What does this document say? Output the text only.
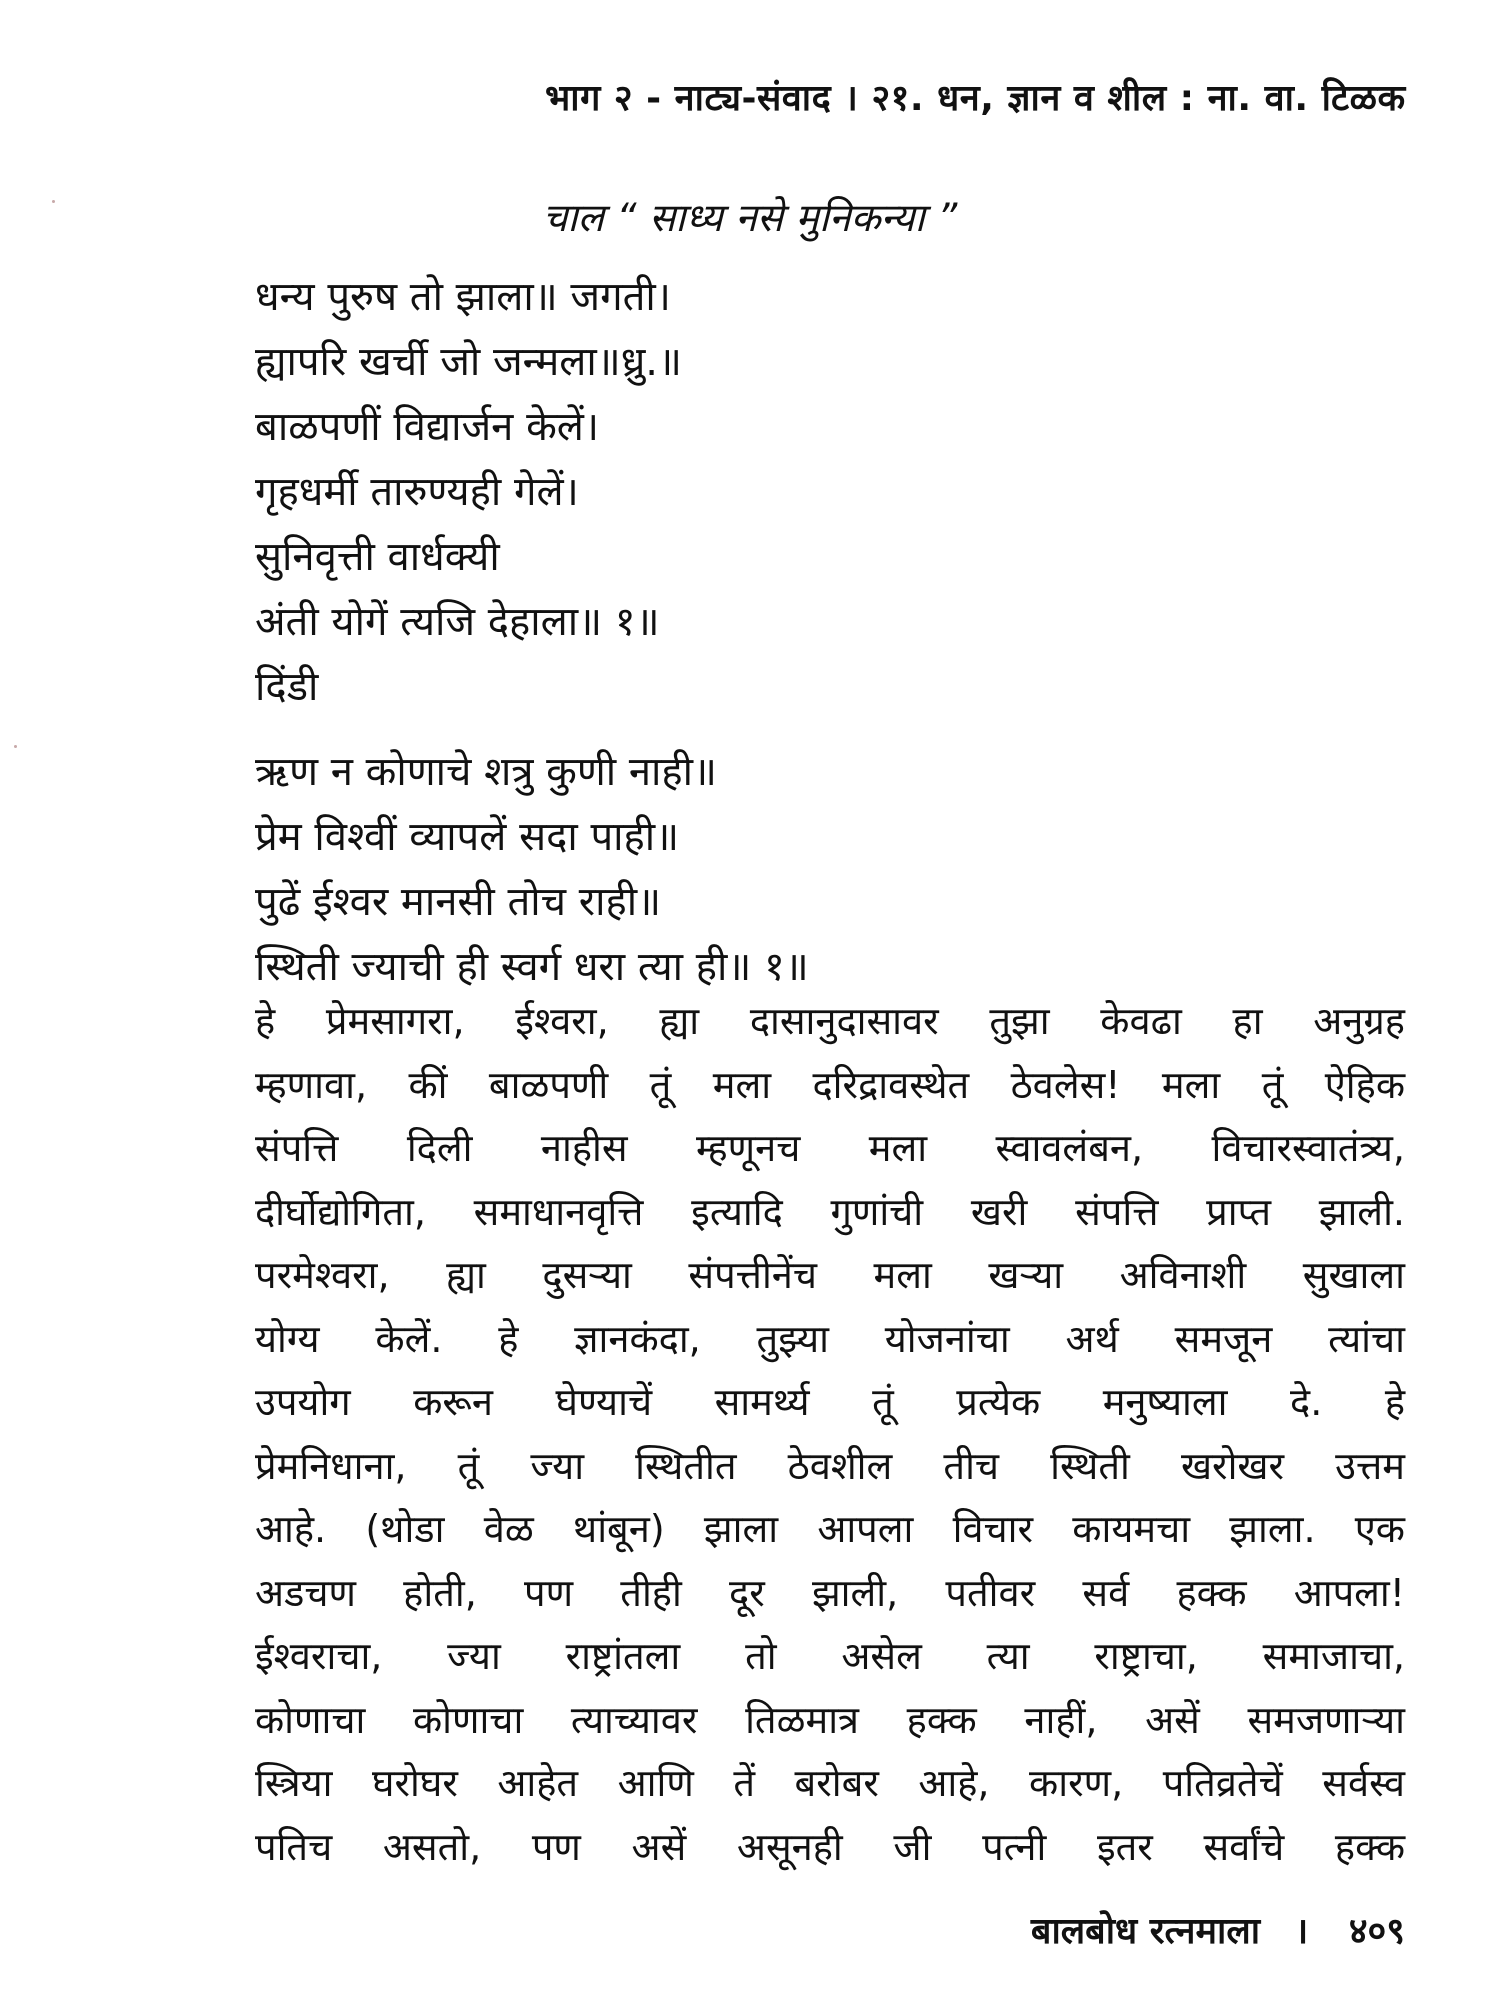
भाग २ - नाट्य-संवाद । २१. धन, ज्ञान व शील : ना. वा. टिळक
चाल “ साध्य नसे मुनिकन्या ”
धन्य पुरुष तो झाला॥ जगती।
ह्यापरि खर्ची जो जन्मला॥ध्रु.॥
बाळपणीं विद्यार्जन केलें।
गृहधर्मी तारुण्यही गेलें।
सुनिवृत्ती वार्धक्यी
अंती योगें त्यजि देहाला॥ १॥
दिंडी
ऋण न कोणाचे शत्रु कुणी नाही॥
प्रेम विश्वीं व्यापलें सदा पाही॥
पुढें ईश्वर मानसी तोच राही॥
स्थिती ज्याची ही स्वर्ग धरा त्या ही॥ १॥
हे प्रेमसागरा, ईश्वरा, ह्या दासानुदासावर तुझा केवढा हा अनुग्रह
म्हणावा, कीं बाळपणी तूं मला दरिद्रावस्थेत ठेवलेस! मला तूं ऐहिक
संपत्ति दिली नाहीस म्हणूनच मला स्वावलंबन, विचारस्वातंत्र्य,
दीर्घोद्योगिता, समाधानवृत्ति इत्यादि गुणांची खरी संपत्ति प्राप्त झाली.
परमेश्वरा, ह्या दुसऱ्या संपत्तीनेंच मला खऱ्या अविनाशी सुखाला
योग्य केलें. हे ज्ञानकंदा, तुझ्या योजनांचा अर्थ समजून त्यांचा
उपयोग करून घेण्याचें सामर्थ्य तूं प्रत्येक मनुष्याला दे. हे
प्रेमनिधाना, तूं ज्या स्थितीत ठेवशील तीच स्थिती खरोखर उत्तम
आहे. (थोडा वेळ थांबून) झाला आपला विचार कायमचा झाला. एक
अडचण होती, पण तीही दूर झाली, पतीवर सर्व हक्क आपला!
ईश्वराचा, ज्या राष्ट्रांतला तो असेल त्या राष्ट्राचा, समाजाचा,
कोणाचा कोणाचा त्याच्यावर तिळमात्र हक्क नाहीं, असें समजणाऱ्या
स्त्रिया घरोघर आहेत आणि तें बरोबर आहे, कारण, पतिव्रतेचें सर्वस्व
पतिच असतो, पण असें असूनही जी पत्नी इतर सर्वांचे हक्क
बालबोध रत्नमाला । ४०९
